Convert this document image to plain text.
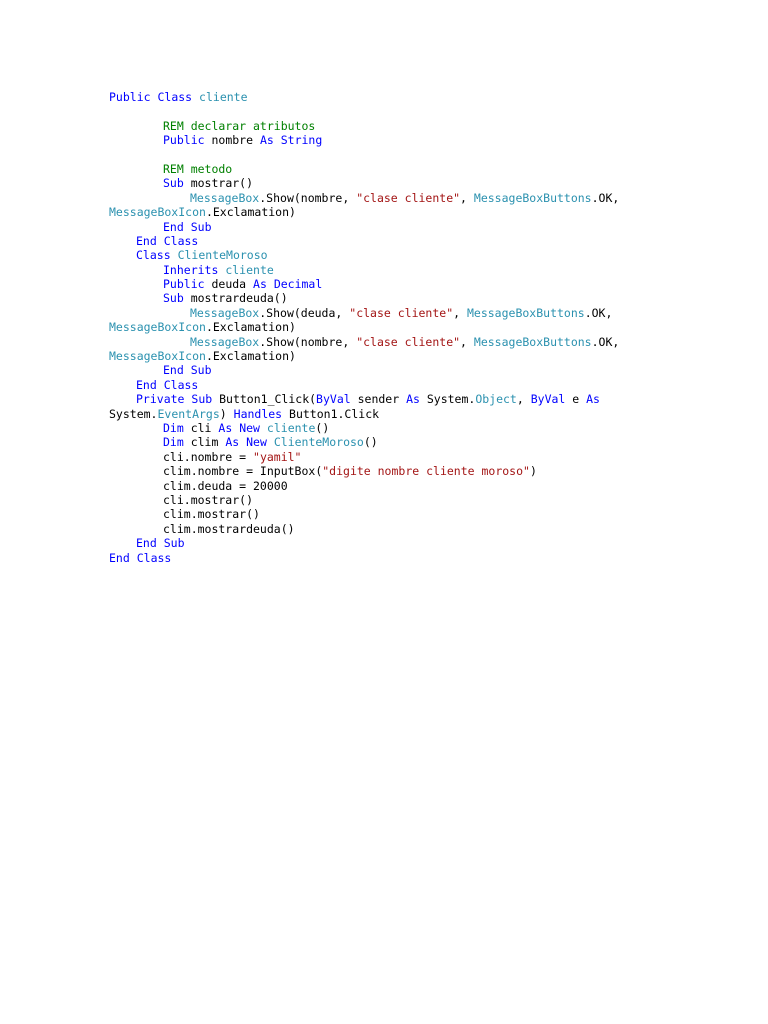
Public Class cliente

REM declarar atributos
Public nombre As String

REM metodo
Sub mostrar()
MessageBox.Show(nombre, "clase cliente", MessageBoxButtons.OK,
MessageBoxIcon.Exclamation)
End Sub
End Class
Class ClienteMoroso
Inherits cliente
Public deuda As Decimal
Sub mostrardeuda()
MessageBox.Show(deuda, "clase cliente", MessageBoxButtons.OK,
MessageBoxIcon.Exclamation)
MessageBox.Show(nombre, "clase cliente", MessageBoxButtons.OK,
MessageBoxIcon.Exclamation)
End Sub
End Class
Private Sub Button1_Click(ByVal sender As System.Object, ByVal e As
System.EventArgs) Handles Button1.Click
Dim cli As New cliente()
Dim clim As New ClienteMoroso()
cli.nombre = "yamil"
clim.nombre = InputBox("digite nombre cliente moroso")
clim.deuda = 20000
cli.mostrar()
clim.mostrar()
clim.mostrardeuda()
End Sub
End Class
